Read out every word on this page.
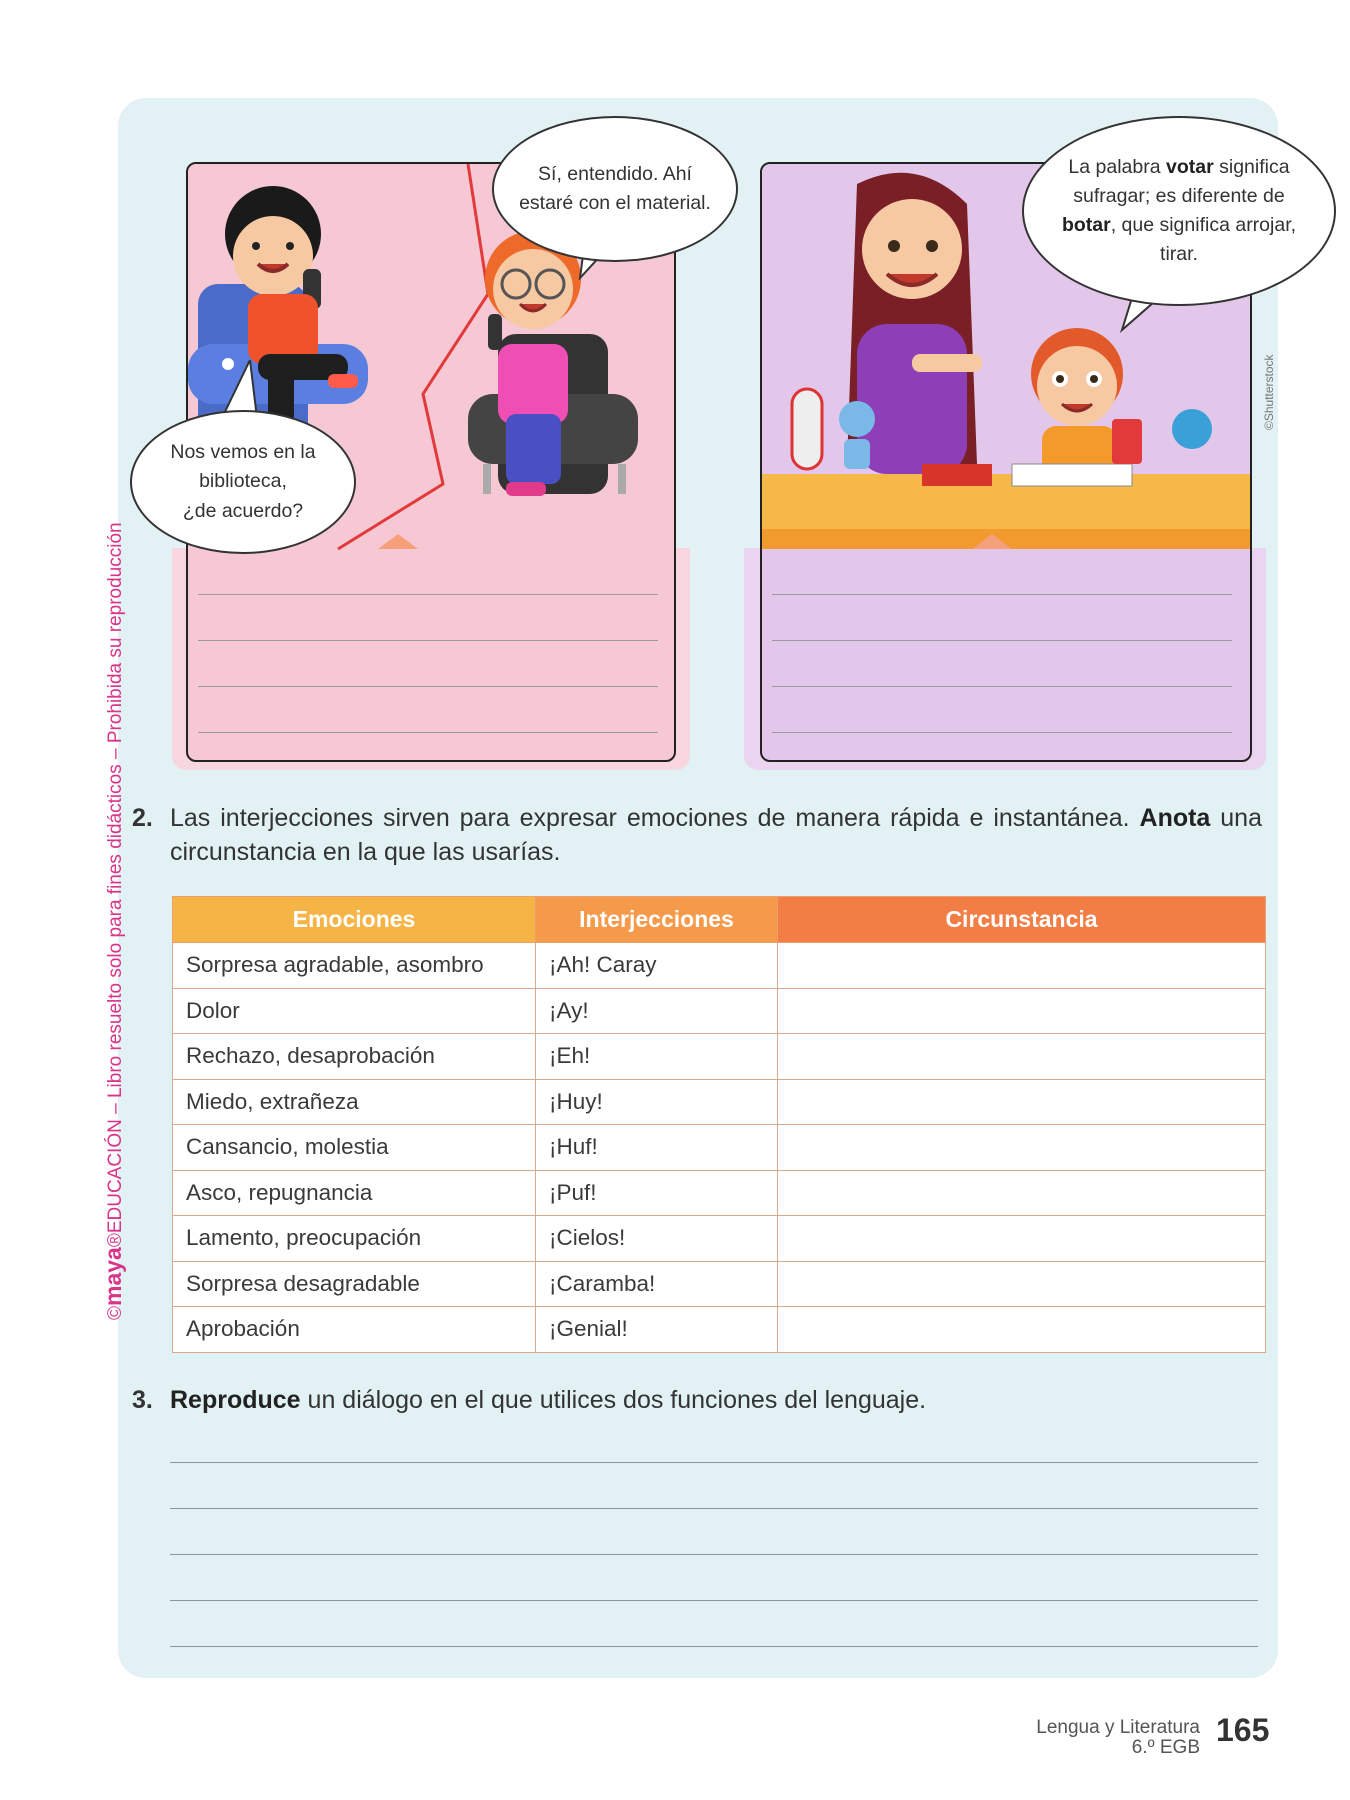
©maya®EDUCACIÓN – Libro resuelto solo para fines didácticos – Prohibida su reproducción
Sí, entendido. Ahí estaré con el material.
Nos vemos en la
biblioteca,
¿de acuerdo?
La palabra votar significa sufragar; es diferente de botar, que significa arrojar, tirar.
©Shutterstock
2. Las interjecciones sirven para expresar emociones de manera rápida e instantánea. Anota una circunstancia en la que las usarías.
Emociones	Interjecciones	Circunstancia
Sorpresa agradable, asombro	¡Ah! Caray	
Dolor	¡Ay!	
Rechazo, desaprobación	¡Eh!	
Miedo, extrañeza	¡Huy!	
Cansancio, molestia	¡Huf!	
Asco, repugnancia	¡Puf!	
Lamento, preocupación	¡Cielos!	
Sorpresa desagradable	¡Caramba!	
Aprobación	¡Genial!	
3. Reproduce un diálogo en el que utilices dos funciones del lenguaje.
Lengua y Literatura
6.º EGB 165
